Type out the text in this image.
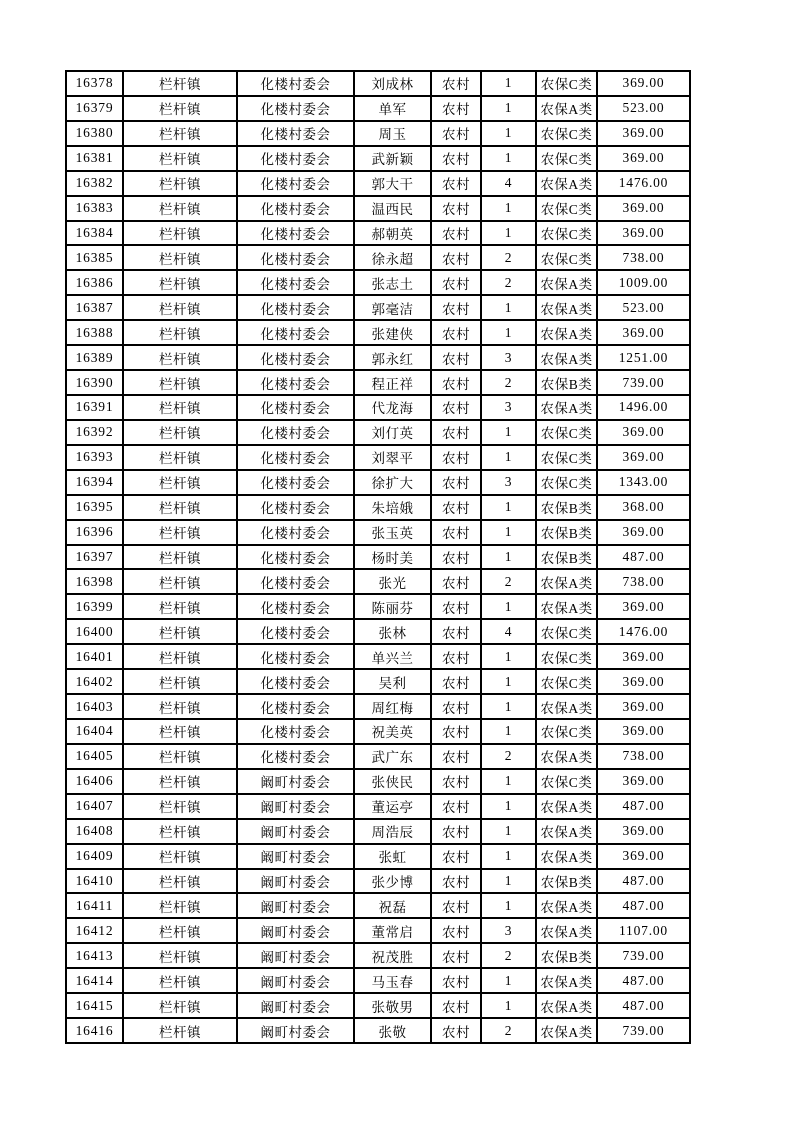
16378	栏杆镇	化楼村委会	刘成林	农村	1	农保C类	369.00
16379	栏杆镇	化楼村委会	单军	农村	1	农保A类	523.00
16380	栏杆镇	化楼村委会	周玉	农村	1	农保C类	369.00
16381	栏杆镇	化楼村委会	武新颖	农村	1	农保C类	369.00
16382	栏杆镇	化楼村委会	郭大干	农村	4	农保A类	1476.00
16383	栏杆镇	化楼村委会	温西民	农村	1	农保C类	369.00
16384	栏杆镇	化楼村委会	郝朝英	农村	1	农保C类	369.00
16385	栏杆镇	化楼村委会	徐永超	农村	2	农保C类	738.00
16386	栏杆镇	化楼村委会	张志土	农村	2	农保A类	1009.00
16387	栏杆镇	化楼村委会	郭毫洁	农村	1	农保A类	523.00
16388	栏杆镇	化楼村委会	张建侠	农村	1	农保A类	369.00
16389	栏杆镇	化楼村委会	郭永红	农村	3	农保A类	1251.00
16390	栏杆镇	化楼村委会	程正祥	农村	2	农保B类	739.00
16391	栏杆镇	化楼村委会	代龙海	农村	3	农保A类	1496.00
16392	栏杆镇	化楼村委会	刘仃英	农村	1	农保C类	369.00
16393	栏杆镇	化楼村委会	刘翠平	农村	1	农保C类	369.00
16394	栏杆镇	化楼村委会	徐扩大	农村	3	农保C类	1343.00
16395	栏杆镇	化楼村委会	朱培娥	农村	1	农保B类	368.00
16396	栏杆镇	化楼村委会	张玉英	农村	1	农保B类	369.00
16397	栏杆镇	化楼村委会	杨时美	农村	1	农保B类	487.00
16398	栏杆镇	化楼村委会	张光	农村	2	农保A类	738.00
16399	栏杆镇	化楼村委会	陈丽芬	农村	1	农保A类	369.00
16400	栏杆镇	化楼村委会	张林	农村	4	农保C类	1476.00
16401	栏杆镇	化楼村委会	单兴兰	农村	1	农保C类	369.00
16402	栏杆镇	化楼村委会	吴利	农村	1	农保C类	369.00
16403	栏杆镇	化楼村委会	周红梅	农村	1	农保A类	369.00
16404	栏杆镇	化楼村委会	祝美英	农村	1	农保C类	369.00
16405	栏杆镇	化楼村委会	武广东	农村	2	农保A类	738.00
16406	栏杆镇	阚町村委会	张侠民	农村	1	农保C类	369.00
16407	栏杆镇	阚町村委会	董运亭	农村	1	农保A类	487.00
16408	栏杆镇	阚町村委会	周浩辰	农村	1	农保A类	369.00
16409	栏杆镇	阚町村委会	张虹	农村	1	农保A类	369.00
16410	栏杆镇	阚町村委会	张少博	农村	1	农保B类	487.00
16411	栏杆镇	阚町村委会	祝磊	农村	1	农保A类	487.00
16412	栏杆镇	阚町村委会	董常启	农村	3	农保A类	1107.00
16413	栏杆镇	阚町村委会	祝茂胜	农村	2	农保B类	739.00
16414	栏杆镇	阚町村委会	马玉春	农村	1	农保A类	487.00
16415	栏杆镇	阚町村委会	张敬男	农村	1	农保A类	487.00
16416	栏杆镇	阚町村委会	张敬	农村	2	农保A类	739.00
